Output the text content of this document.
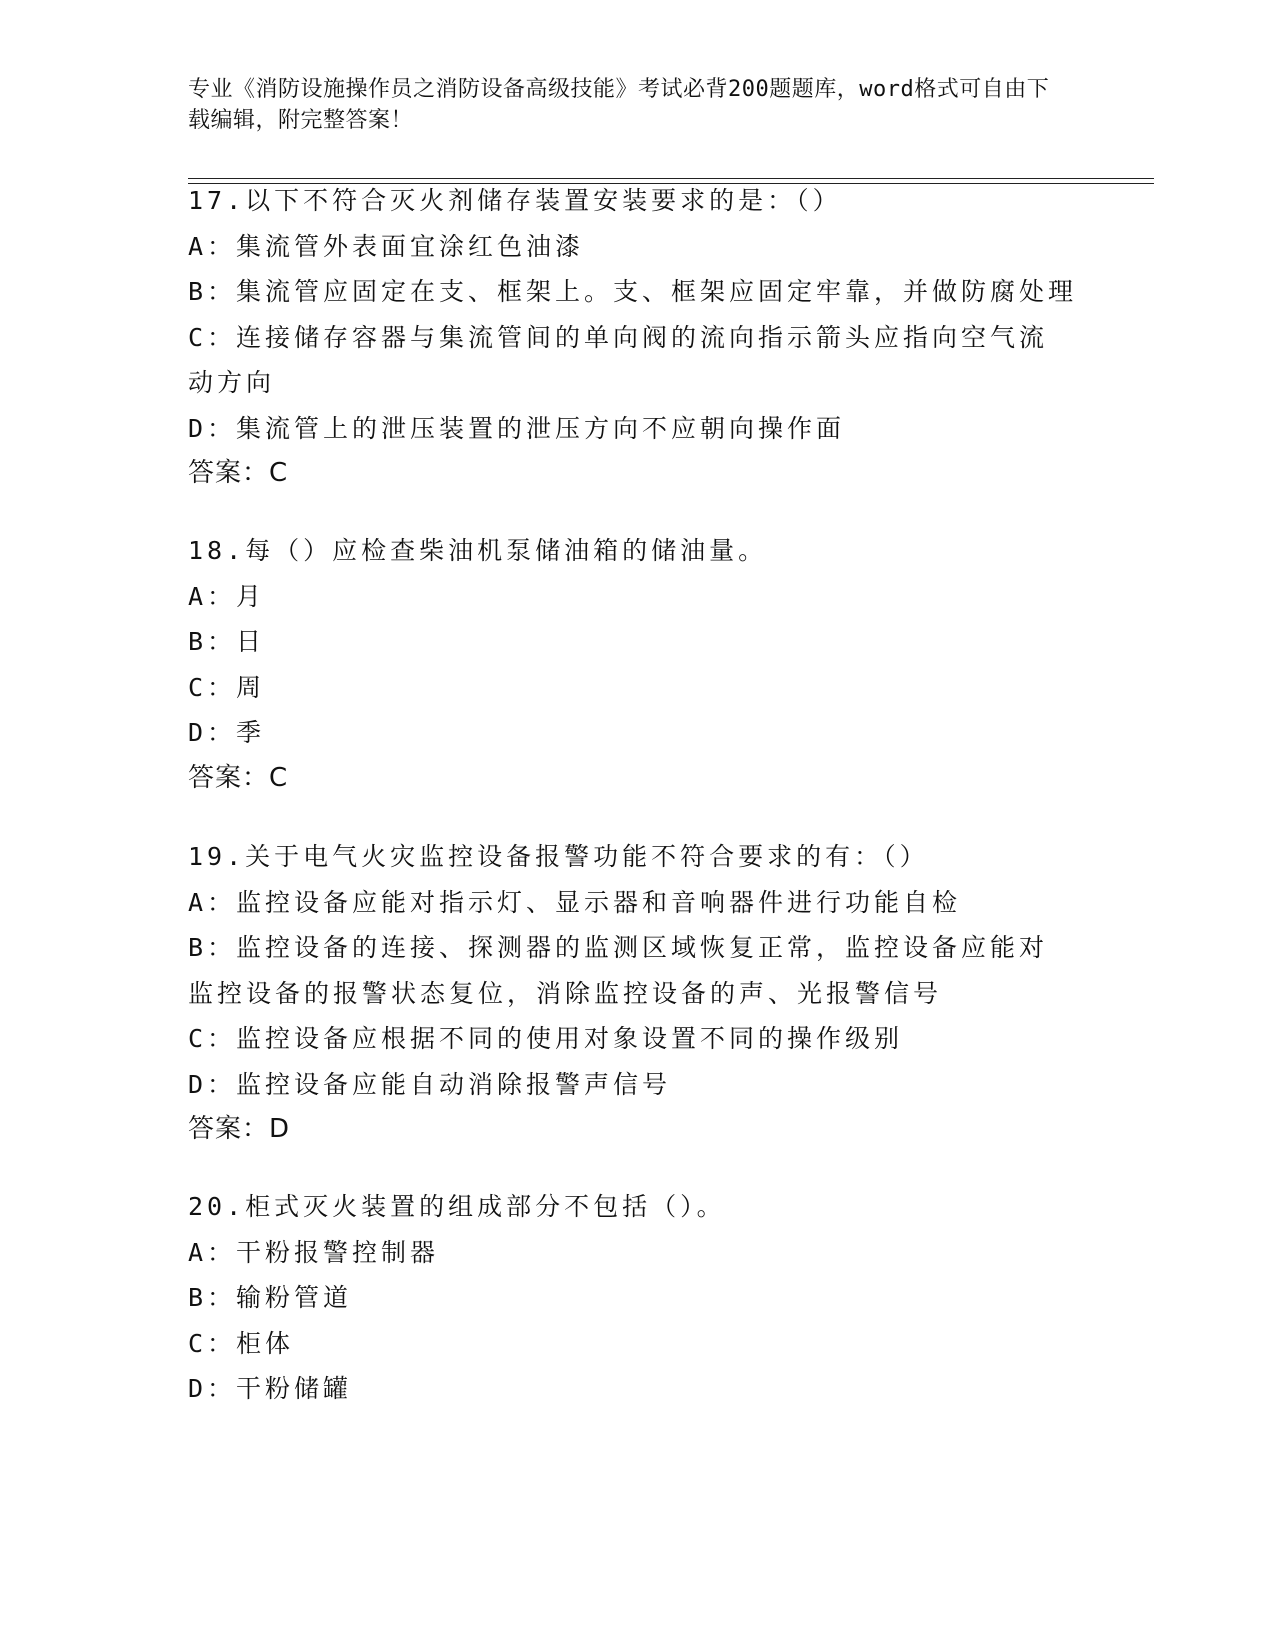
专业《消防设施操作员之消防设备高级技能》考试必背200题题库，word格式可自由下载编辑，附完整答案！
17.以下不符合灭火剂储存装置安装要求的是：（）
A：集流管外表面宜涂红色油漆
B：集流管应固定在支、框架上。支、框架应固定牢靠，并做防腐处理
C：连接储存容器与集流管间的单向阀的流向指示箭头应指向空气流动方向
D：集流管上的泄压装置的泄压方向不应朝向操作面
答案：C
18.每（）应检查柴油机泵储油箱的储油量。
A：月
B：日
C：周
D：季
答案：C
19.关于电气火灾监控设备报警功能不符合要求的有：（）
A：监控设备应能对指示灯、显示器和音响器件进行功能自检
B：监控设备的连接、探测器的监测区域恢复正常，监控设备应能对监控设备的报警状态复位，消除监控设备的声、光报警信号
C：监控设备应根据不同的使用对象设置不同的操作级别
D：监控设备应能自动消除报警声信号
答案：D
20.柜式灭火装置的组成部分不包括（）。
A：干粉报警控制器
B：输粉管道
C：柜体
D：干粉储罐
